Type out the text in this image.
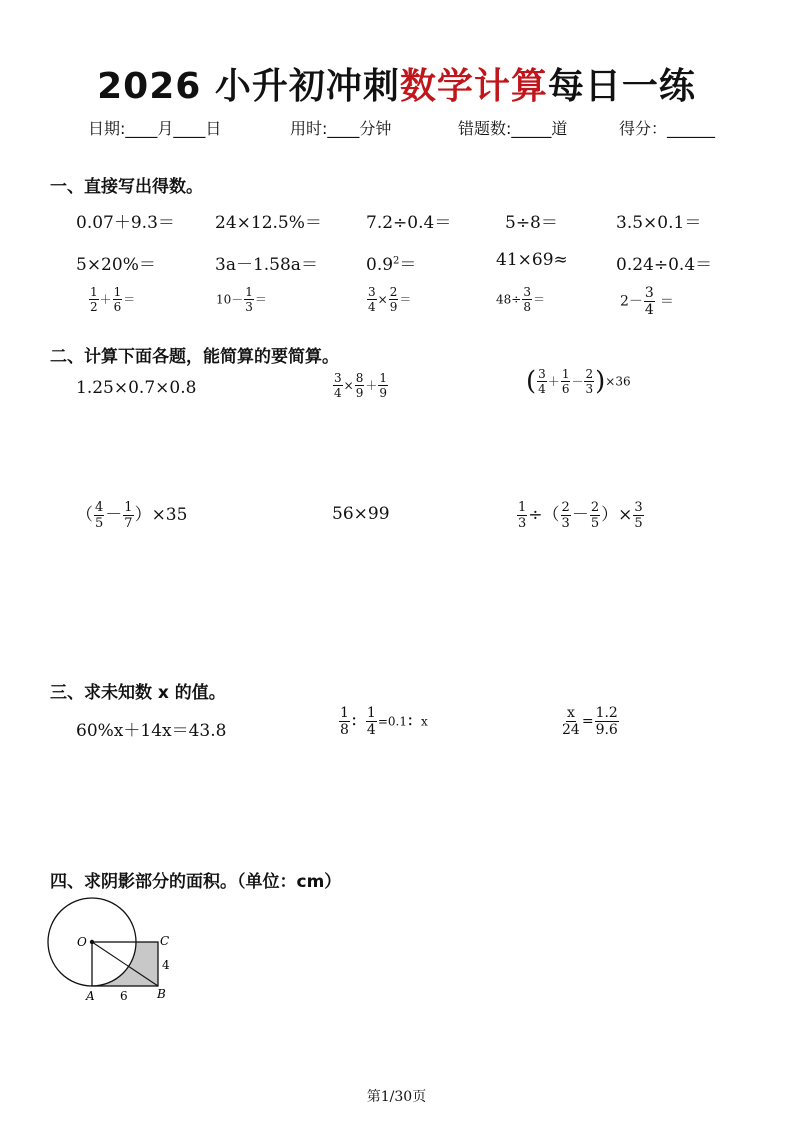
2026 小升初冲刺数学计算每日一练
日期:____月____日	用时:____分钟	错题数:_____道	得分：______
一、直接写出得数。
0.07＋9.3＝ 24×12.5%＝	7.2÷0.4＝	5÷8＝	3.5×0.1＝
5×20%＝	3a－1.58a＝	$0.9^2=$	41×69≈	0.24÷0.4＝
$\frac{1}{2} + \frac{1}{6}$ ＝	$10- \frac{1}{3}$ ＝	$\frac{3}{4} \times \frac{2}{9}$ ＝	$48\div \frac{3}{8}$ ＝	$2- \frac{3}{4}$ ＝
二、计算下面各题，能简算的要简算。
1.25×0.7×0.8	$\frac{3}{4} \times \frac{8}{9} + \frac{1}{9}$	( $\frac{3}{4} + \frac{1}{6} - \frac{2}{3} )\times 36$
（ $\frac{4}{5} - \frac{1}{7} )\times 35$	56×99	$\frac{1}{3}$ ÷（ $\frac{2}{3} - \frac{2}{5}$ ）× $\frac{3}{5}$
三、求未知数 x 的值。
60%x＋14x＝43.8	$\frac{1}{8}$ ： $\frac{1}{4} =0.1$：x	$\frac{x}{24} = \frac{1.2}{9.6}$
四、求阴影部分的面积。（单位：cm）
O	C
A	B
6
4
第1/30页
